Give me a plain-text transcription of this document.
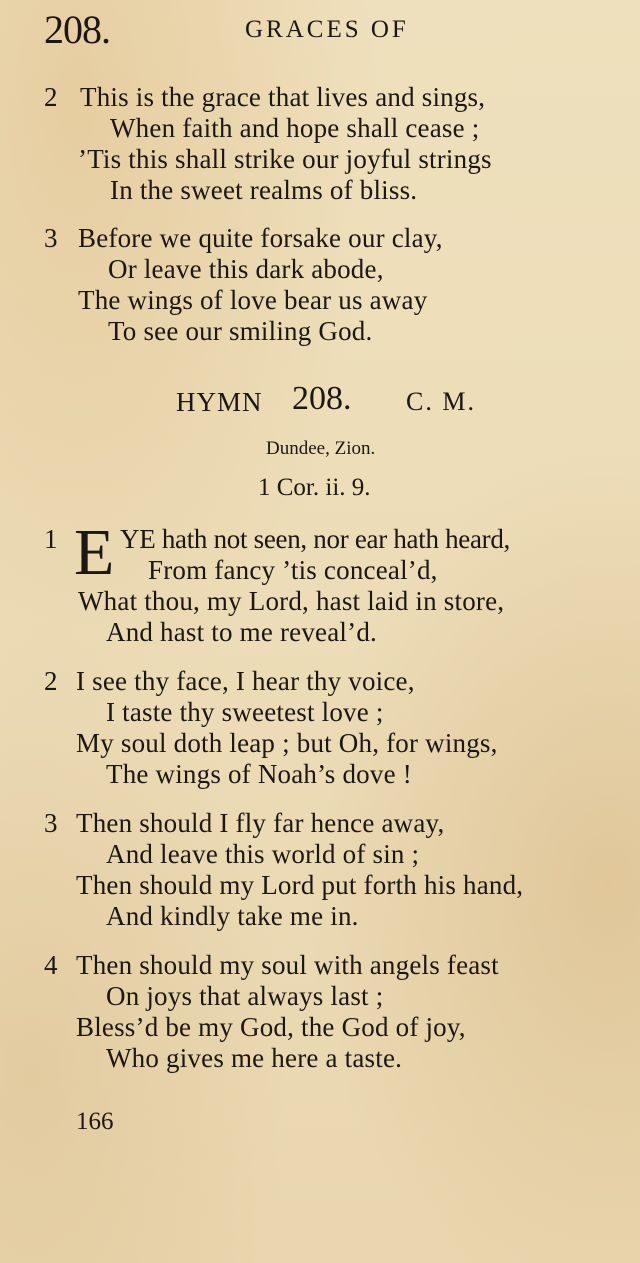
208.	GRACES OF
2 This is the grace that lives and sings,
When faith and hope shall cease ;
’Tis this shall strike our joyful strings
In the sweet realms of bliss.
3 Before we quite forsake our clay,
Or leave this dark abode,
The wings of love bear us away
To see our smiling God.
HYMN 208. C. M.
Dundee, Zion.
1 Cor. ii. 9.
1 E YE hath not seen, nor ear hath heard,
From fancy ’tis conceal’d,
What thou, my Lord, hast laid in store,
And hast to me reveal’d.
2 I see thy face, I hear thy voice,
I taste thy sweetest love ;
My soul doth leap ; but Oh, for wings,
The wings of Noah’s dove !
3 Then should I fly far hence away,
And leave this world of sin ;
Then should my Lord put forth his hand,
And kindly take me in.
4 Then should my soul with angels feast
On joys that always last ;
Bless’d be my God, the God of joy,
Who gives me here a taste.
166
